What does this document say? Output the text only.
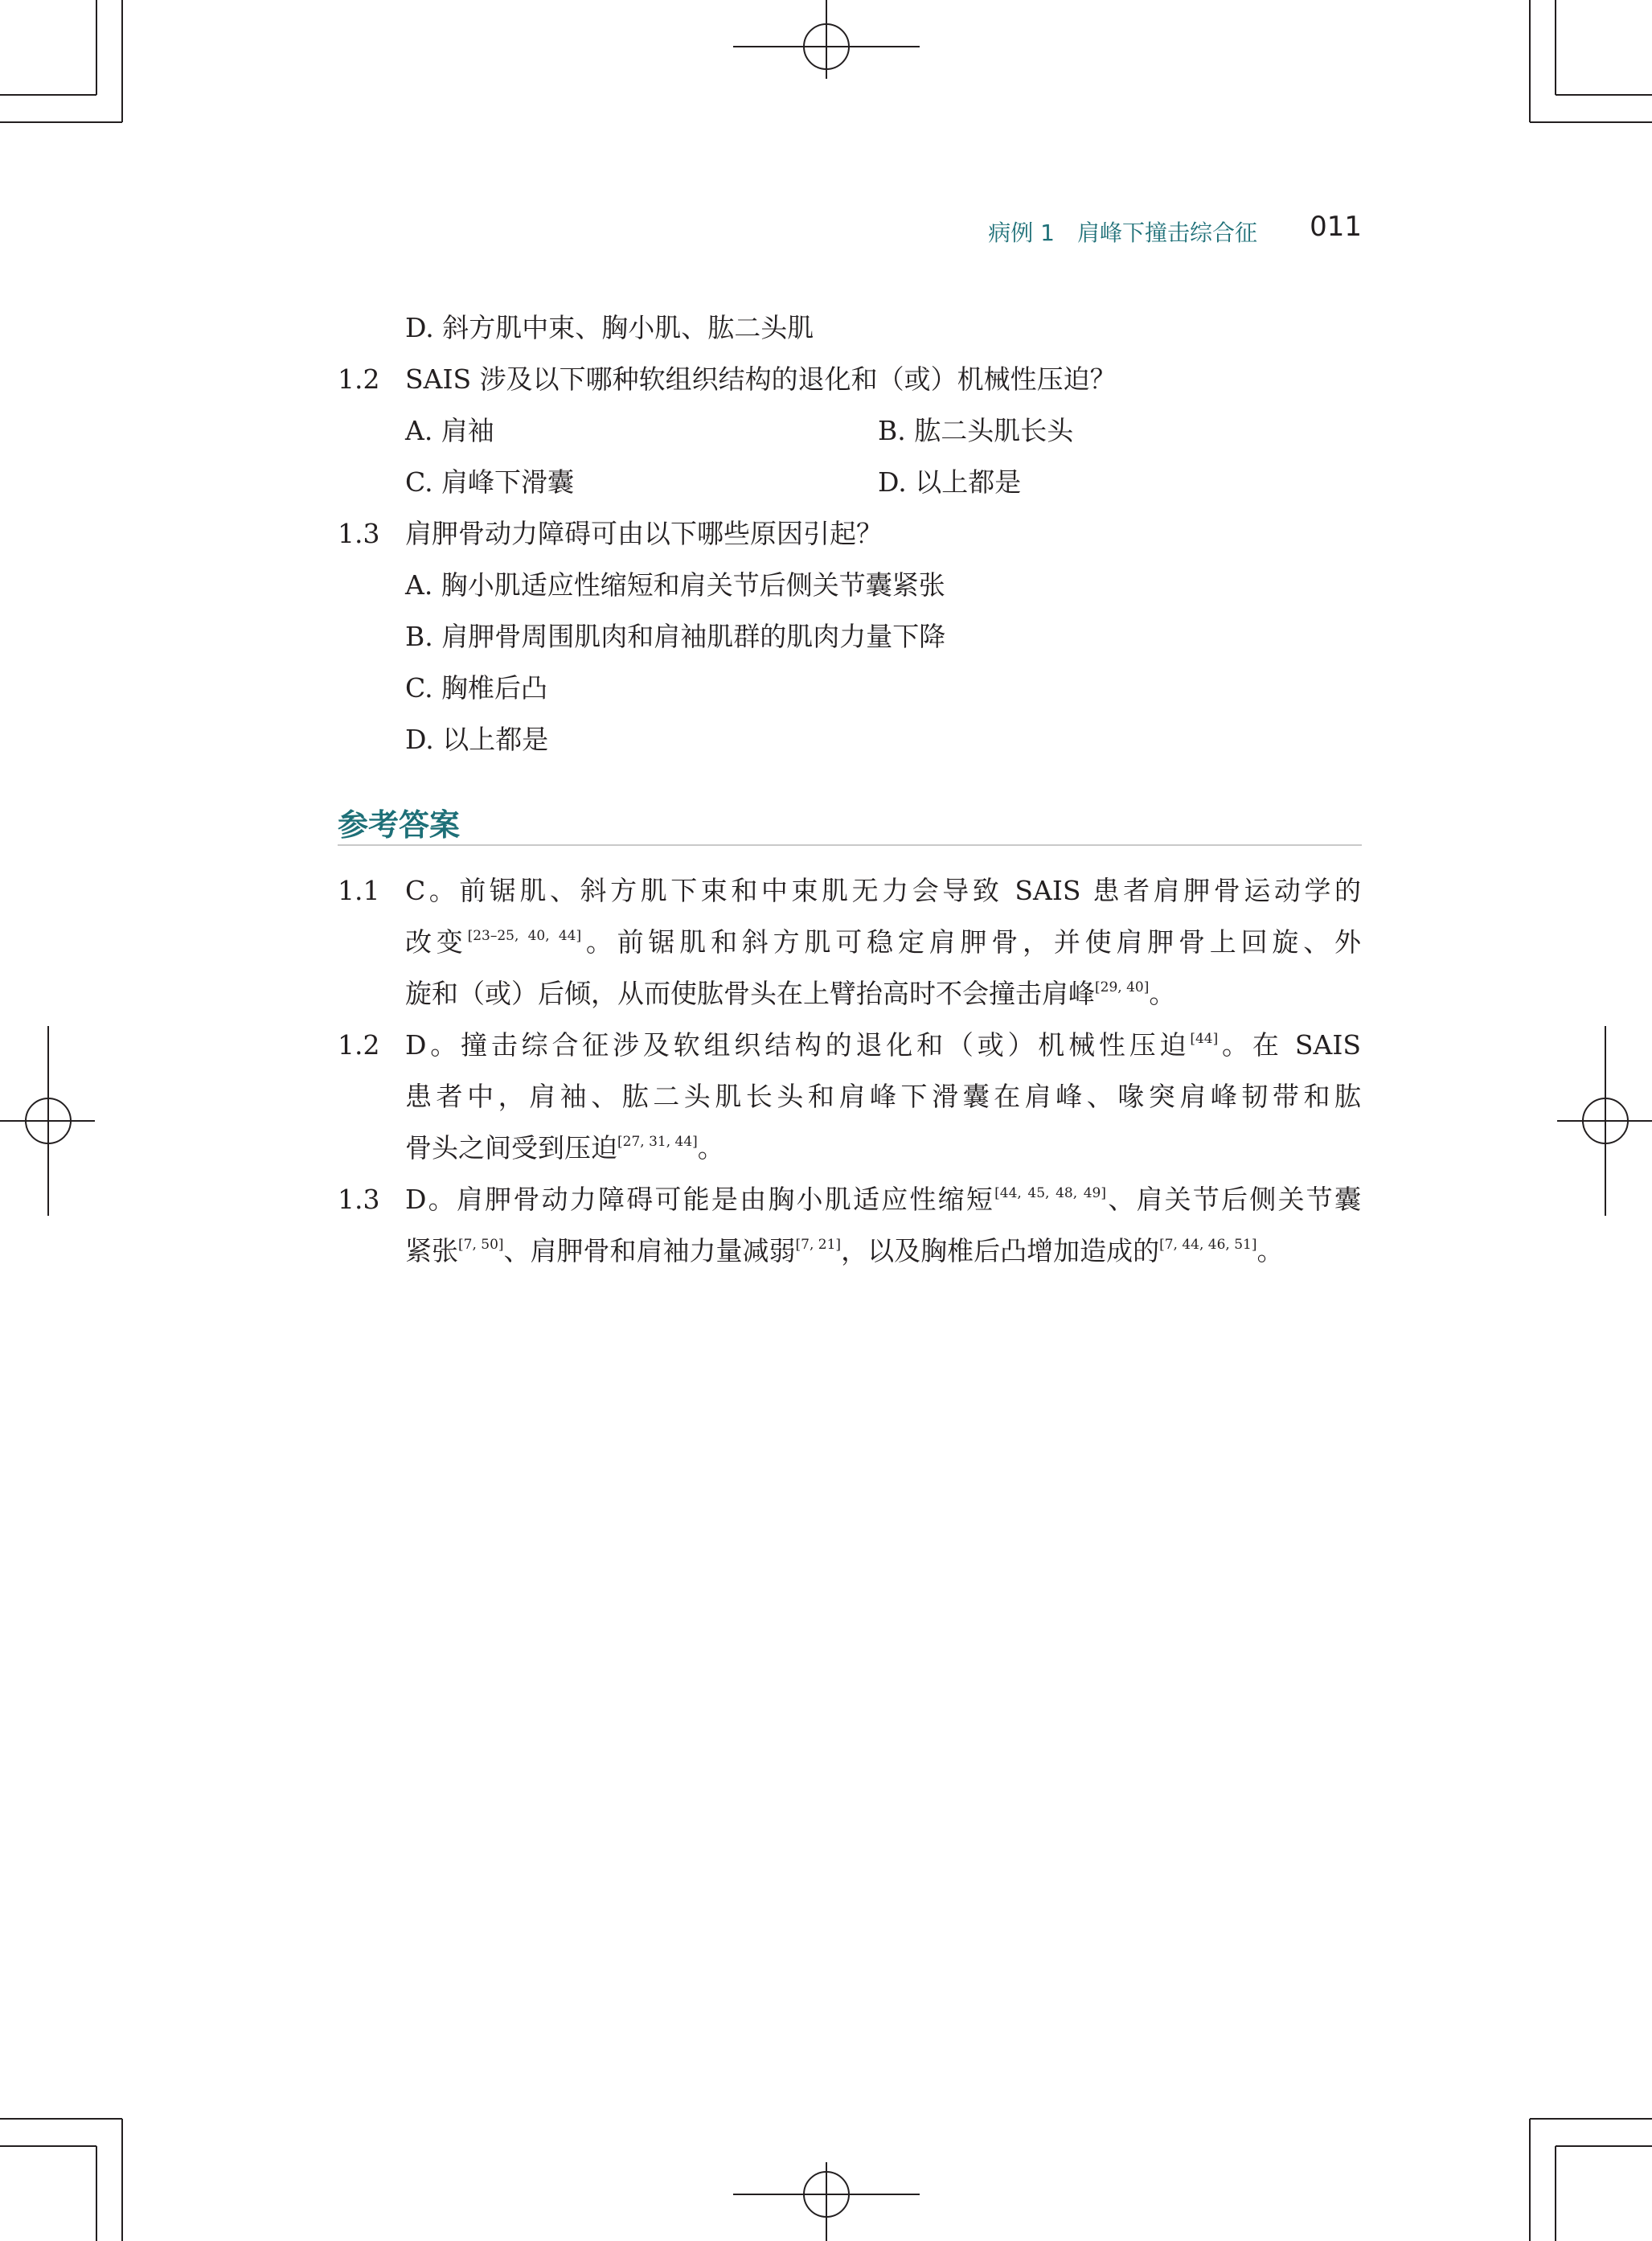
病例 1　肩峰下撞击综合征 011
D. 斜方肌中束、胸小肌、肱二头肌
1.2 SAIS 涉及以下哪种软组织结构的退化和（或）机械性压迫？
A. 肩袖	B. 肱二头肌长头
C. 肩峰下滑囊	D. 以上都是
1.3 肩胛骨动力障碍可由以下哪些原因引起？
A. 胸小肌适应性缩短和肩关节后侧关节囊紧张
B. 肩胛骨周围肌肉和肩袖肌群的肌肉力量下降
C. 胸椎后凸
D. 以上都是
参考答案
1.1 C。前锯肌、斜方肌下束和中束肌无力会导致 SAIS 患者肩胛骨运动学的
改变[23–25, 40, 44]。前锯肌和斜方肌可稳定肩胛骨，并使肩胛骨上回旋、外
旋和（或）后倾，从而使肱骨头在上臂抬高时不会撞击肩峰[29, 40]。
1.2 D。撞击综合征涉及软组织结构的退化和（或）机械性压迫[44]。在 SAIS
患者中，肩袖、肱二头肌长头和肩峰下滑囊在肩峰、喙突肩峰韧带和肱
骨头之间受到压迫[27, 31, 44]。
1.3 D。肩胛骨动力障碍可能是由胸小肌适应性缩短[44, 45, 48, 49]、肩关节后侧关节囊
紧张[7, 50]、肩胛骨和肩袖力量减弱[7, 21]，以及胸椎后凸增加造成的[7, 44, 46, 51]。
